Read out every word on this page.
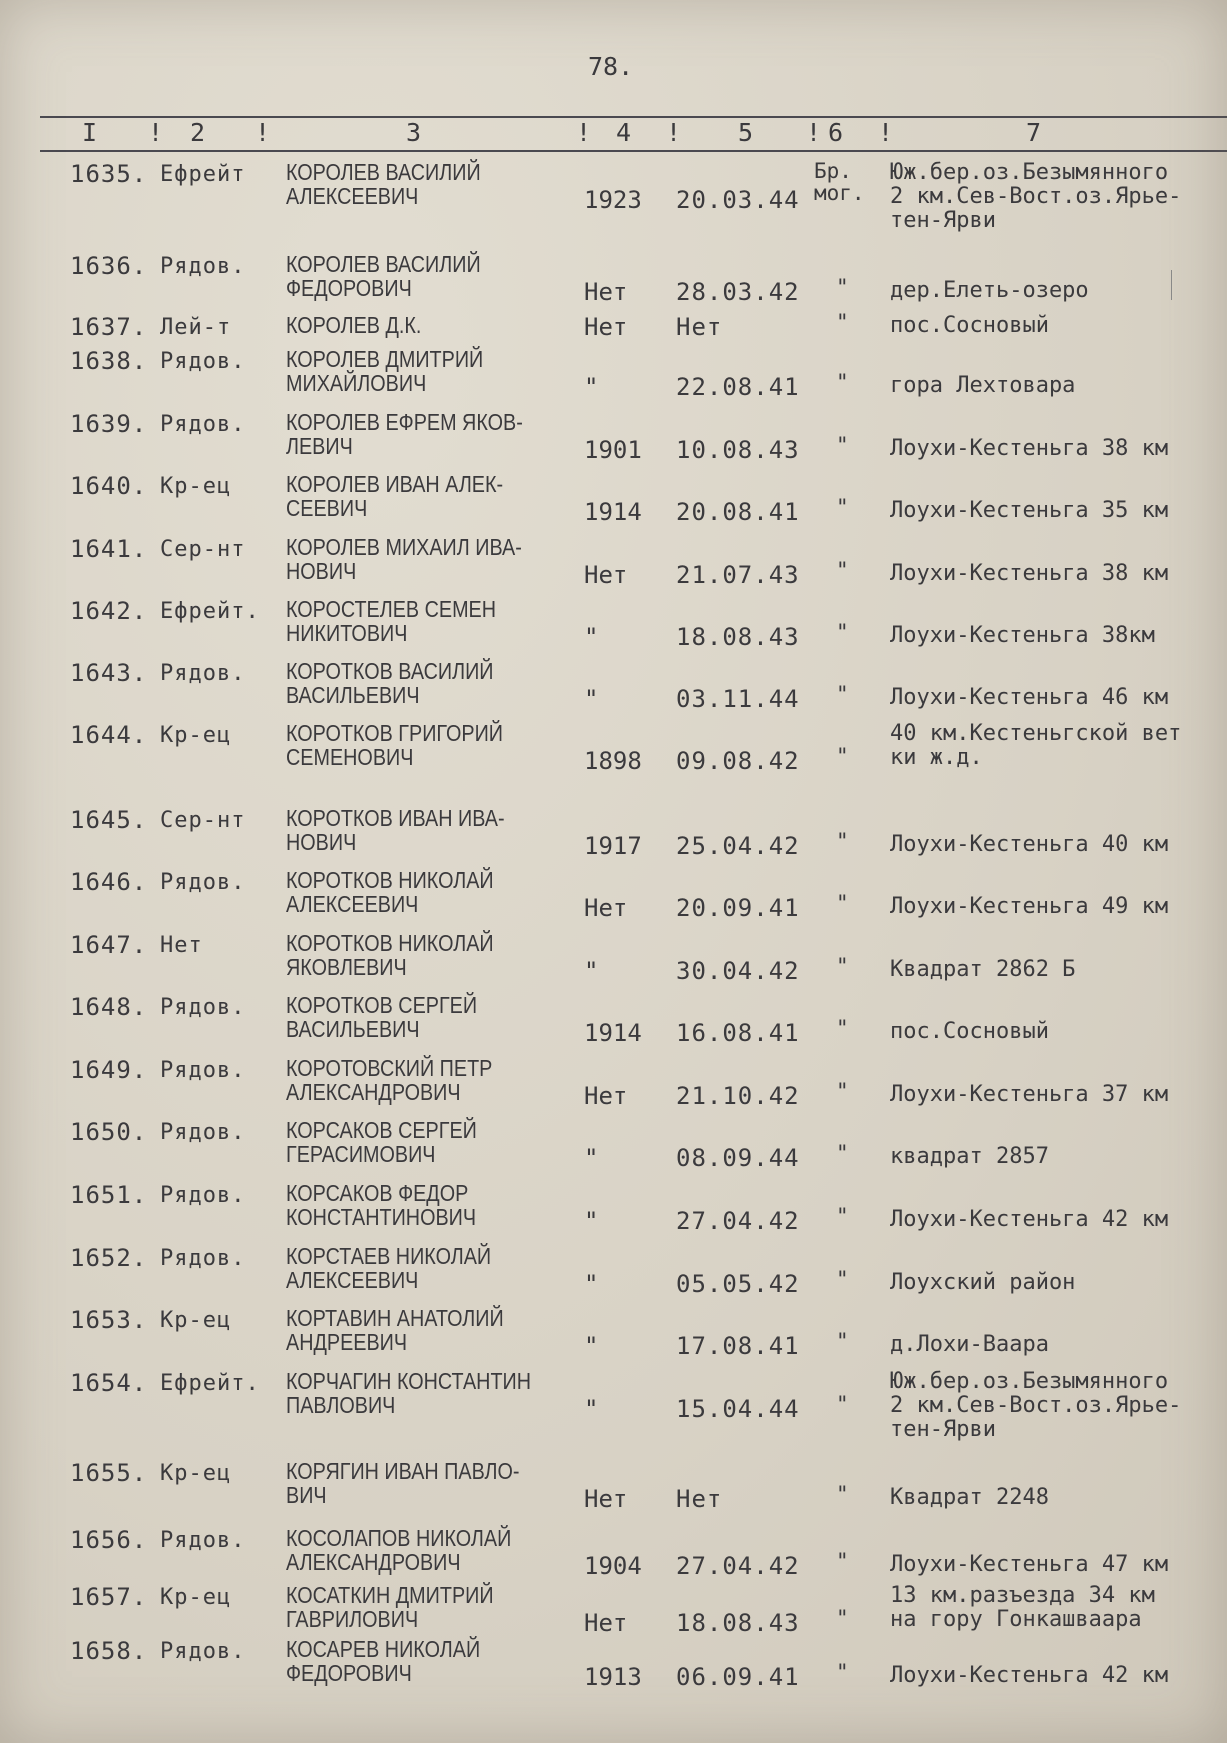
78.
I ! 2 !	3	! 4 ! 5 ! 6 !	7
1635. Ефрейт КОРОЛЕВ ВАСИЛИЙ
АЛЕКСЕЕВИЧ	1923 20.03.44
Бр. мог.
Юж.бер.оз.Безымянного
2 км.Сев-Вост.оз.Ярье-
тен-Ярви
1636. Рядов. КОРОЛЕВ ВАСИЛИЙ
ФЕДОРОВИЧ	Нет 28.03.42 " дер.Елеть-озеро
1637. Лей-т КОРОЛЕВ Д.К.	Нет Нет	" пос.Сосновый
1638. Рядов. КОРОЛЕВ ДМИТРИЙ
МИХАЙЛОВИЧ	"	22.08.41 " гора Лехтовара
1639. Рядов. КОРОЛЕВ ЕФРЕМ ЯКОВ-
ЛЕВИЧ	1901 10.08.43 " Лоухи-Кестеньга 38 км
1640. Кр-ец КОРОЛЕВ ИВАН АЛЕК-
СЕЕВИЧ	1914 20.08.41 " Лоухи-Кестеньга 35 км
1641. Сер-нт КОРОЛЕВ МИХАИЛ ИВА-
НОВИЧ	Нет 21.07.43 " Лоухи-Кестеньга 38 км
1642. Ефрейт. КОРОСТЕЛЕВ СЕМЕН
НИКИТОВИЧ	"	18.08.43 " Лоухи-Кестеньга 38км
1643. Рядов. КОРОТКОВ ВАСИЛИЙ
ВАСИЛЬЕВИЧ	"	03.11.44 " Лоухи-Кестеньга 46 км
1644. Кр-ец КОРОТКОВ ГРИГОРИЙ
СЕМЕНОВИЧ	1898 09.08.42 "
40 км.Кестеньгской вет
ки ж.д.
1645. Сер-нт КОРОТКОВ ИВАН ИВА-
НОВИЧ	1917 25.04.42 " Лоухи-Кестеньга 40 км
1646. Рядов. КОРОТКОВ НИКОЛАЙ
АЛЕКСЕЕВИЧ	Нет 20.09.41 " Лоухи-Кестеньга 49 км
1647. Нет	КОРОТКОВ НИКОЛАЙ
ЯКОВЛЕВИЧ	"	30.04.42 " Квадрат 2862 Б
1648. Рядов. КОРОТКОВ СЕРГЕЙ
ВАСИЛЬЕВИЧ	1914 16.08.41 " пос.Сосновый
1649. Рядов. КОРОТОВСКИЙ ПЕТР
АЛЕКСАНДРОВИЧ	Нет 21.10.42 " Лоухи-Кестеньга 37 км
1650. Рядов. КОРСАКОВ СЕРГЕЙ
ГЕРАСИМОВИЧ	"	08.09.44 " квадрат 2857
1651. Рядов. КОРСАКОВ ФЕДОР
КОНСТАНТИНОВИЧ	"	27.04.42 " Лоухи-Кестеньга 42 км
1652. Рядов. КОРСТАЕВ НИКОЛАЙ
АЛЕКСЕЕВИЧ	"	05.05.42 " Лоухский район
1653. Кр-ец КОРТАВИН АНАТОЛИЙ
АНДРЕЕВИЧ	"	17.08.41 " д.Лохи-Ваара
1654. Ефрейт. КОРЧАГИН КОНСТАНТИН
ПАВЛОВИЧ	"	15.04.44 "
Юж.бер.оз.Безымянного
2 км.Сев-Вост.оз.Ярье-
тен-Ярви
1655. Кр-ец КОРЯГИН ИВАН ПАВЛО-
ВИЧ	Нет Нет	" Квадрат 2248
1656. Рядов. КОСОЛАПОВ НИКОЛАЙ
АЛЕКСАНДРОВИЧ	1904 27.04.42 " Лоухи-Кестеньга 47 км
1657. Кр-ец КОСАТКИН ДМИТРИЙ
ГАВРИЛОВИЧ	Нет 18.08.43 "
13 км.разъезда 34 км
на гору Гонкашваара
1658. Рядов. КОСАРЕВ НИКОЛАЙ
ФЕДОРОВИЧ	1913 06.09.41 " Лоухи-Кестеньга 42 км
